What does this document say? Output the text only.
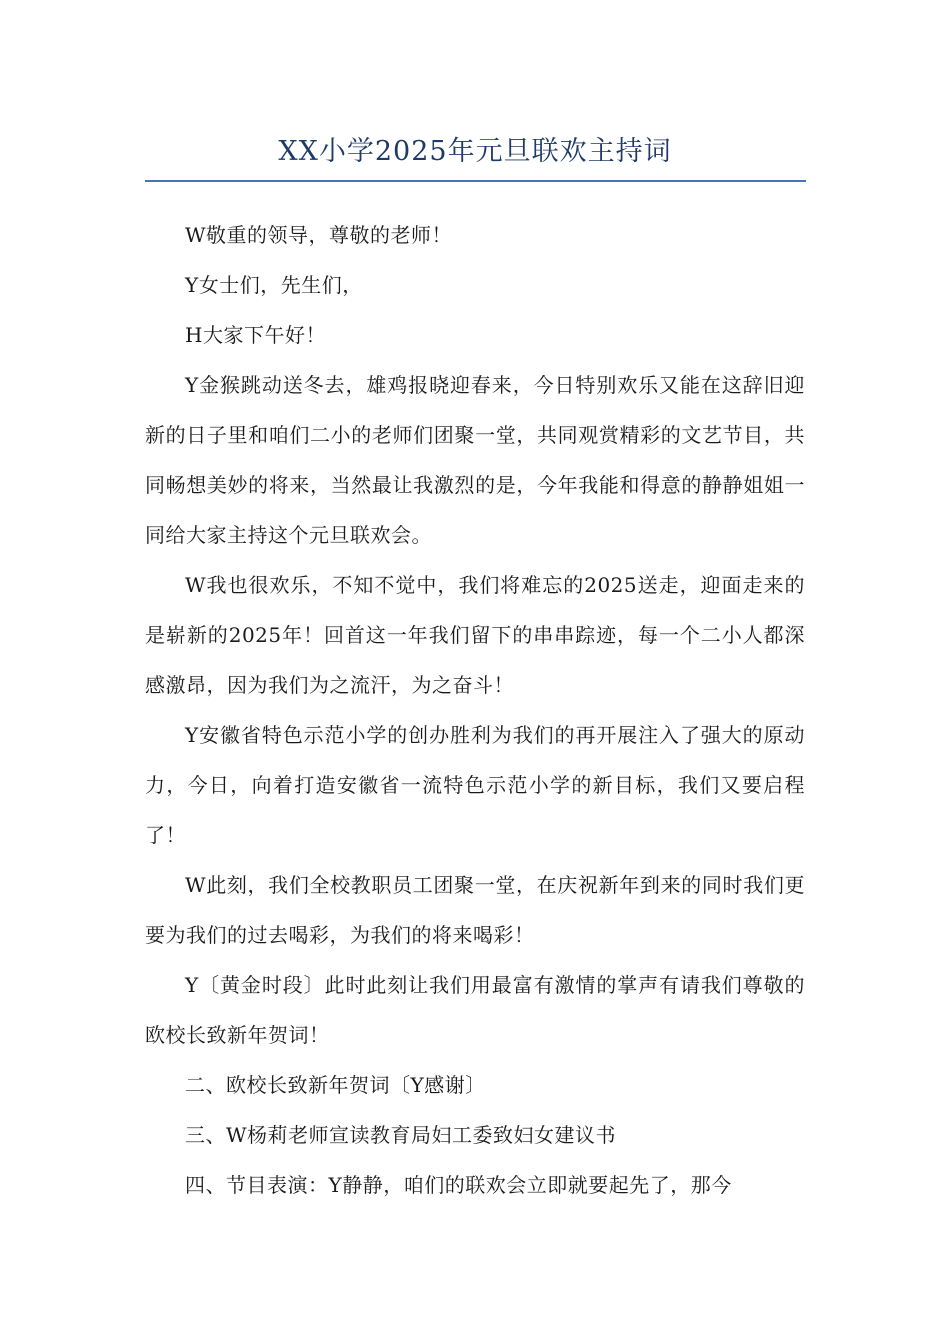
XX小学2025年元旦联欢主持词

W敬重的领导，尊敬的老师！

Y女士们，先生们，

H大家下午好！

Y金猴跳动送冬去，雄鸡报晓迎春来，今日特别欢乐又能在这辞旧迎新的日子里和咱们二小的老师们团聚一堂，共同观赏精彩的文艺节目，共同畅想美妙的将来，当然最让我激烈的是，今年我能和得意的静静姐姐一同给大家主持这个元旦联欢会。

W我也很欢乐，不知不觉中，我们将难忘的2025送走，迎面走来的是崭新的2025年！回首这一年我们留下的串串踪迹，每一个二小人都深感激昂，因为我们为之流汗，为之奋斗！

Y安徽省特色示范小学的创办胜利为我们的再开展注入了强大的原动力，今日，向着打造安徽省一流特色示范小学的新目标，我们又要启程了！

W此刻，我们全校教职员工团聚一堂，在庆祝新年到来的同时我们更要为我们的过去喝彩，为我们的将来喝彩！

Y〔黄金时段〕此时此刻让我们用最富有激情的掌声有请我们尊敬的欧校长致新年贺词！

二、欧校长致新年贺词〔Y感谢〕

三、W杨莉老师宣读教育局妇工委致妇女建议书

四、节目表演：Y静静，咱们的联欢会立即就要起先了，那今
